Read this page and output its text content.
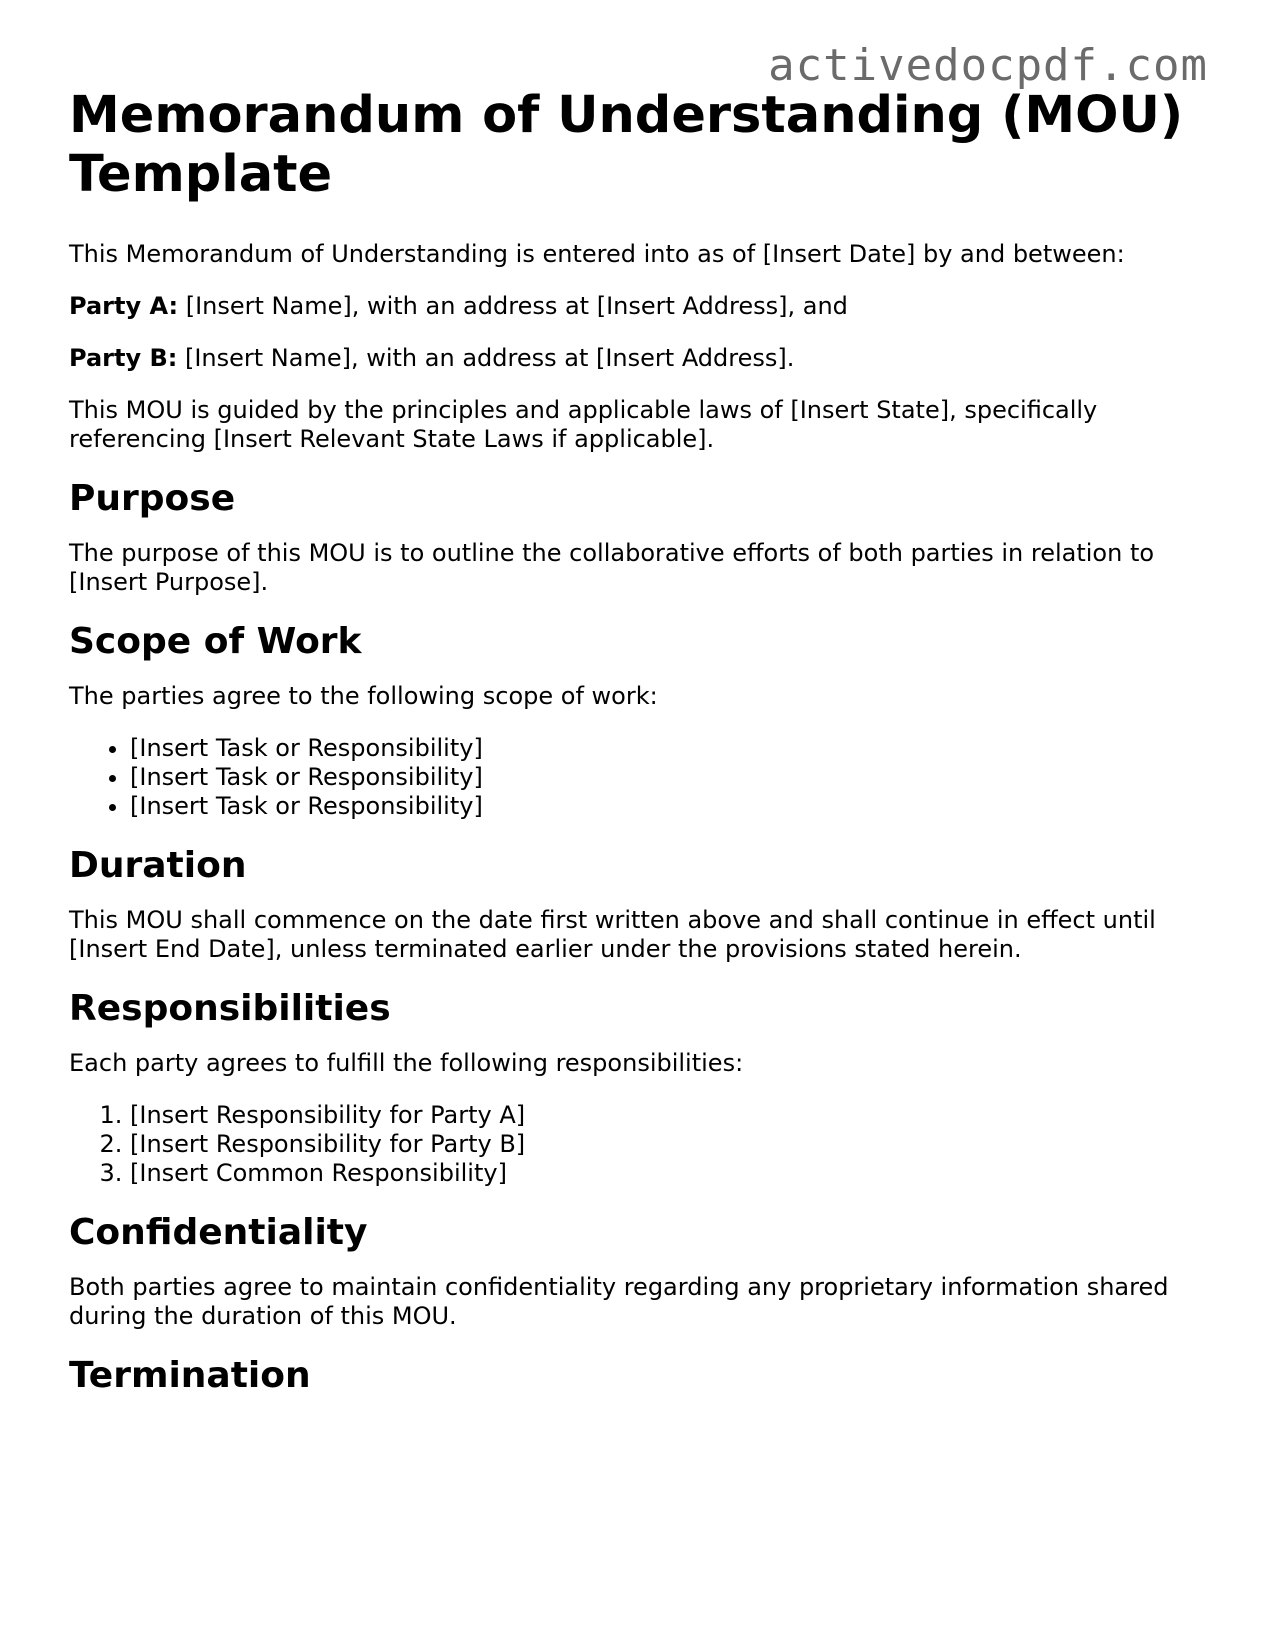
activedocpdf.com
Memorandum of Understanding (MOU) Template

This Memorandum of Understanding is entered into as of [Insert Date] by and between:

Party A: [Insert Name], with an address at [Insert Address], and

Party B: [Insert Name], with an address at [Insert Address].

This MOU is guided by the principles and applicable laws of [Insert State], specifically referencing [Insert Relevant State Laws if applicable].

Purpose

The purpose of this MOU is to outline the collaborative efforts of both parties in relation to [Insert Purpose].

Scope of Work

The parties agree to the following scope of work:

• [Insert Task or Responsibility]
• [Insert Task or Responsibility]
• [Insert Task or Responsibility]
Duration

This MOU shall commence on the date first written above and shall continue in effect until [Insert End Date], unless terminated earlier under the provisions stated herein.

Responsibilities

Each party agrees to fulfill the following responsibilities:

1. [Insert Responsibility for Party A]
2. [Insert Responsibility for Party B]
3. [Insert Common Responsibility]
Confidentiality

Both parties agree to maintain confidentiality regarding any proprietary information shared during the duration of this MOU.

Termination
